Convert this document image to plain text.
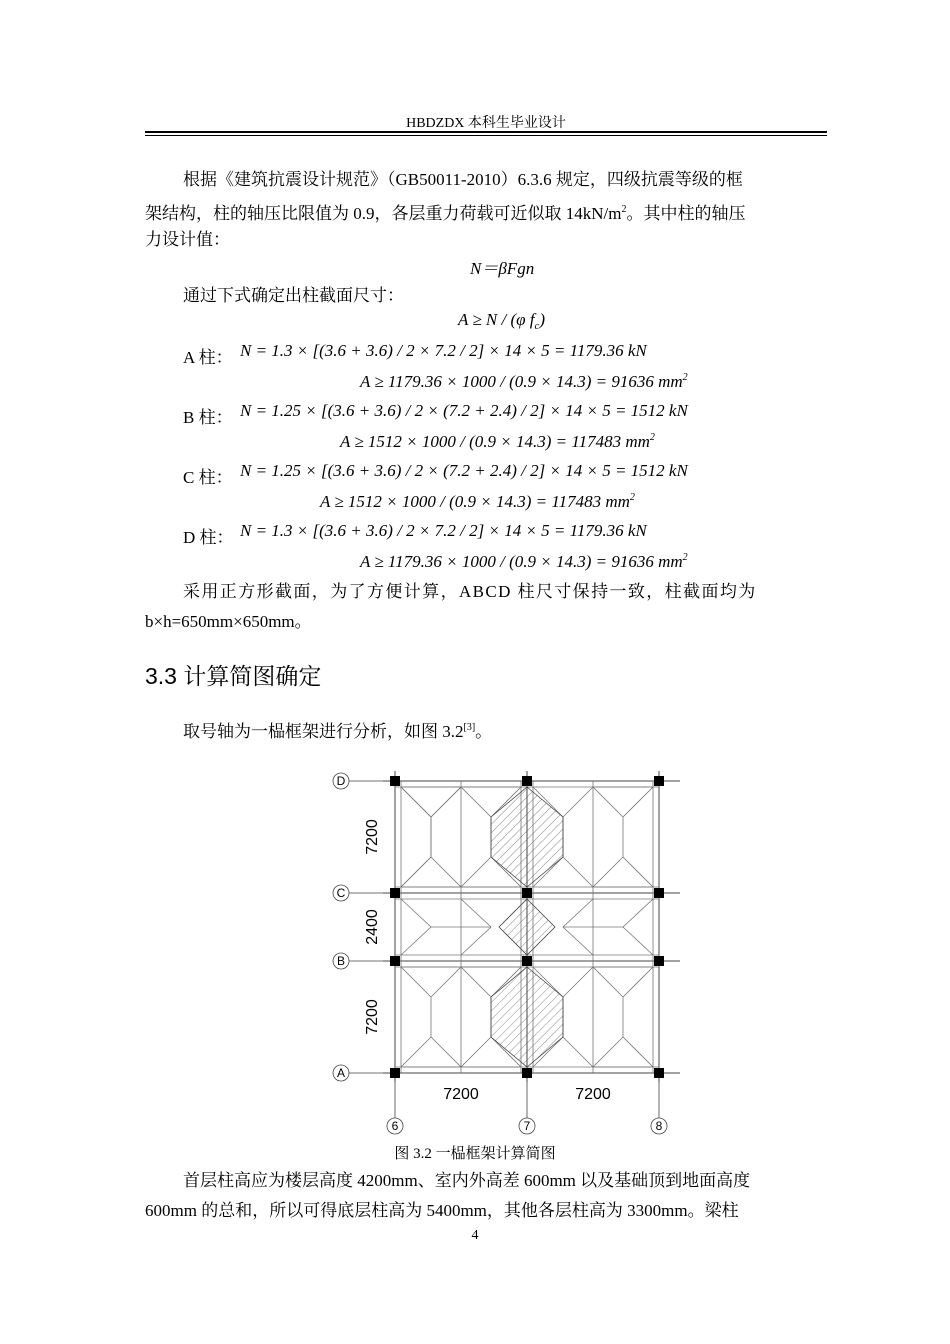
HBDZDX 本科生毕业设计
根据《建筑抗震设计规范》（GB50011-2010）6.3.6 规定，四级抗震等级的框
架结构，柱的轴压比限值为 0.9，各层重力荷载可近似取 $14kN/m^2$。其中柱的轴压
力设计值：
N＝βFgn
通过下式确定出柱截面尺寸：
A ≥ N / (φ $f_c$)
A 柱： N = 1.3 × [(3.6 + 3.6) / 2 × 7.2 / 2] × 14 × 5 = 1179.36 kN
A ≥ 1179.36 × 1000 / (0.9 × 14.3) = 91636 $mm^2$
B 柱： N = 1.25 × [(3.6 + 3.6) / 2 × (7.2 + 2.4) / 2] × 14 × 5 = 1512 kN
A ≥ 1512 × 1000 / (0.9 × 14.3) = 117483 $mm^2$
C 柱： N = 1.25 × [(3.6 + 3.6) / 2 × (7.2 + 2.4) / 2] × 14 × 5 = 1512 kN
A ≥ 1512 × 1000 / (0.9 × 14.3) = 117483 $mm^2$
D 柱： N = 1.3 × [(3.6 + 3.6) / 2 × 7.2 / 2] × 14 × 5 = 1179.36 kN
A ≥ 1179.36 × 1000 / (0.9 × 14.3) = 91636 $mm^2$
采用正方形截面，为了方便计算，ABCD 柱尺寸保持一致，柱截面均为
b×h=650mm×650mm。
3.3 计算简图确定
取号轴为一榀框架进行分析，如图 3.2[3]。
D
C
B
A
6	7	8
7200
2400
7200
7200	7200
图 3.2 一榀框架计算简图
首层柱高应为楼层高度 4200mm、室内外高差 600mm 以及基础顶到地面高度
600mm 的总和，所以可得底层柱高为 5400mm，其他各层柱高为 3300mm。梁柱
4
